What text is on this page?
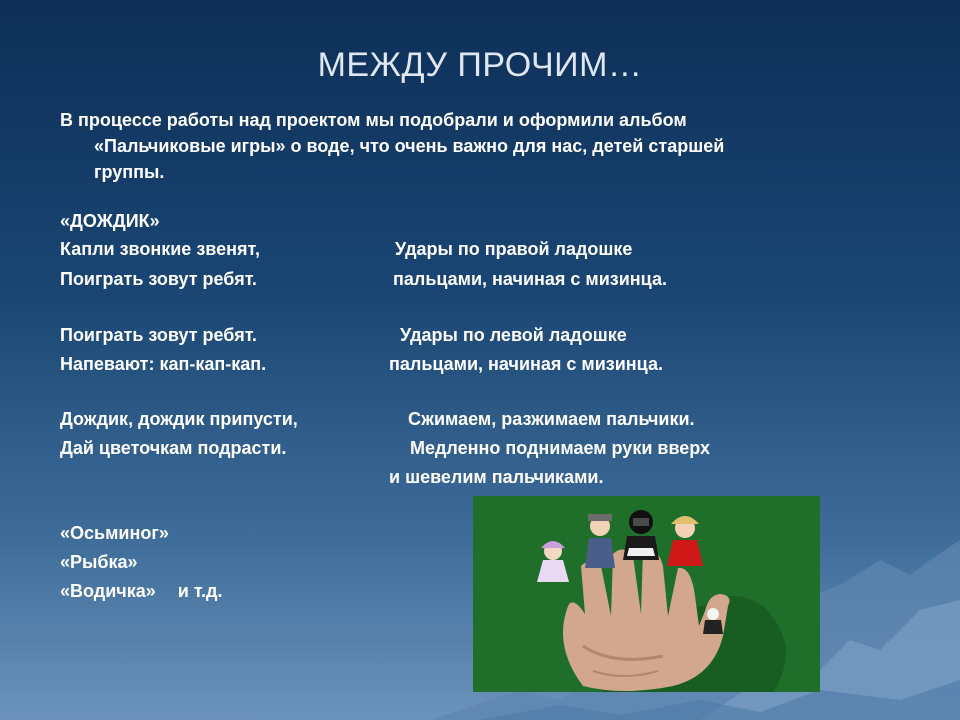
МЕЖДУ ПРОЧИМ…
В процессе работы над проектом мы подобрали и оформили альбом
«Пальчиковые игры» о воде, что очень важно для нас, детей старшей
группы.
«ДОЖДИК»
Капли звонкие звенят,	Удары по правой ладошке
Поиграть зовут ребят.	пальцами, начиная с мизинца.
Поиграть зовут ребят.	Удары по левой ладошке
Напевают: кап-кап-кап.	пальцами, начиная с мизинца.
Дождик, дождик припусти,	Сжимаем, разжимаем пальчики.
Дай цветочкам подрасти.	Медленно поднимаем руки вверх
и шевелим пальчиками.
«Осьминог»
«Рыбка»
«Водичка» и т.д.
